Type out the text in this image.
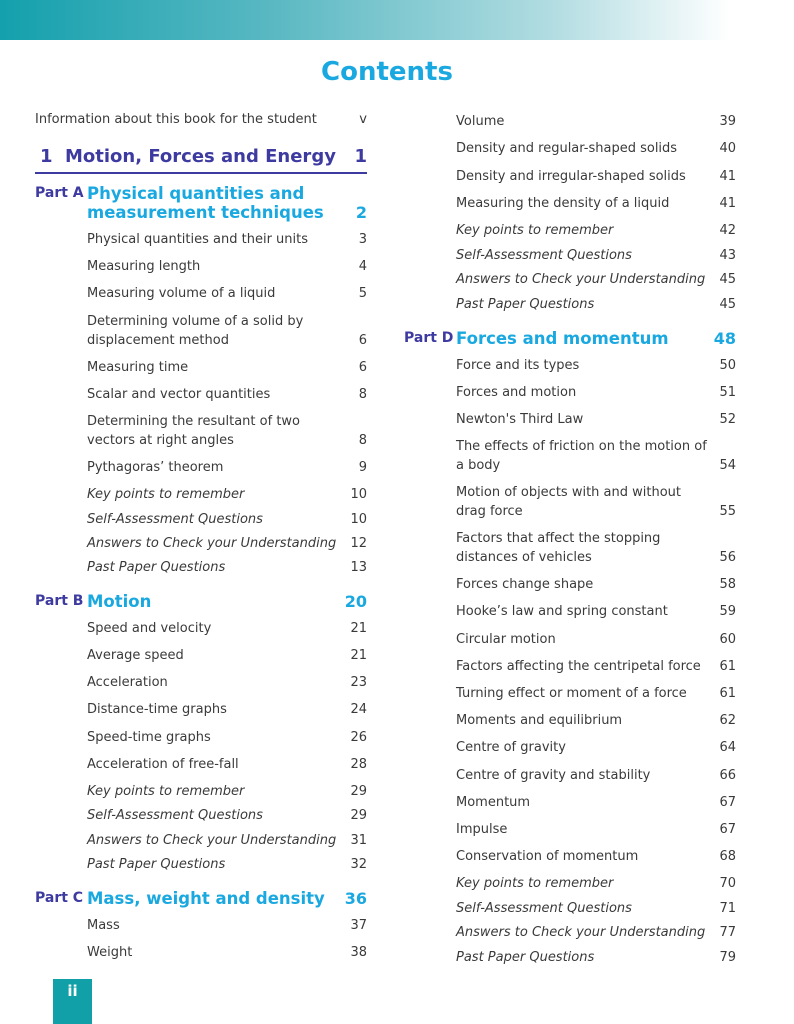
Contents
Information about this book for the student	v
1 Motion, Forces and Energy 1
Part A Physical quantities and measurement techniques	2
Physical quantities and their units	3
Measuring length	4
Measuring volume of a liquid	5
Determining volume of a solid by displacement method	6
Measuring time	6
Scalar and vector quantities	8
Determining the resultant of two vectors at right angles	8
Pythagoras’ theorem	9
Key points to remember	10
Self-Assessment Questions	10
Answers to Check your Understanding	12
Past Paper Questions	13
Part B Motion	20
Speed and velocity	21
Average speed	21
Acceleration	23
Distance-time graphs	24
Speed-time graphs	26
Acceleration of free-fall	28
Key points to remember	29
Self-Assessment Questions	29
Answers to Check your Understanding	31
Past Paper Questions	32
Part C Mass, weight and density	36
Mass	37
Weight	38
Volume	39
Density and regular-shaped solids	40
Density and irregular-shaped solids	41
Measuring the density of a liquid	41
Key points to remember	42
Self-Assessment Questions	43
Answers to Check your Understanding	45
Past Paper Questions	45
Part D Forces and momentum	48
Force and its types	50
Forces and motion	51
Newton's Third Law	52
The effects of friction on the motion of a body	54
Motion of objects with and without drag force	55
Factors that affect the stopping distances of vehicles	56
Forces change shape	58
Hooke’s law and spring constant	59
Circular motion	60
Factors affecting the centripetal force	61
Turning effect or moment of a force	61
Moments and equilibrium	62
Centre of gravity	64
Centre of gravity and stability	66
Momentum	67
Impulse	67
Conservation of momentum	68
Key points to remember	70
Self-Assessment Questions	71
Answers to Check your Understanding	77
Past Paper Questions	79
ii
